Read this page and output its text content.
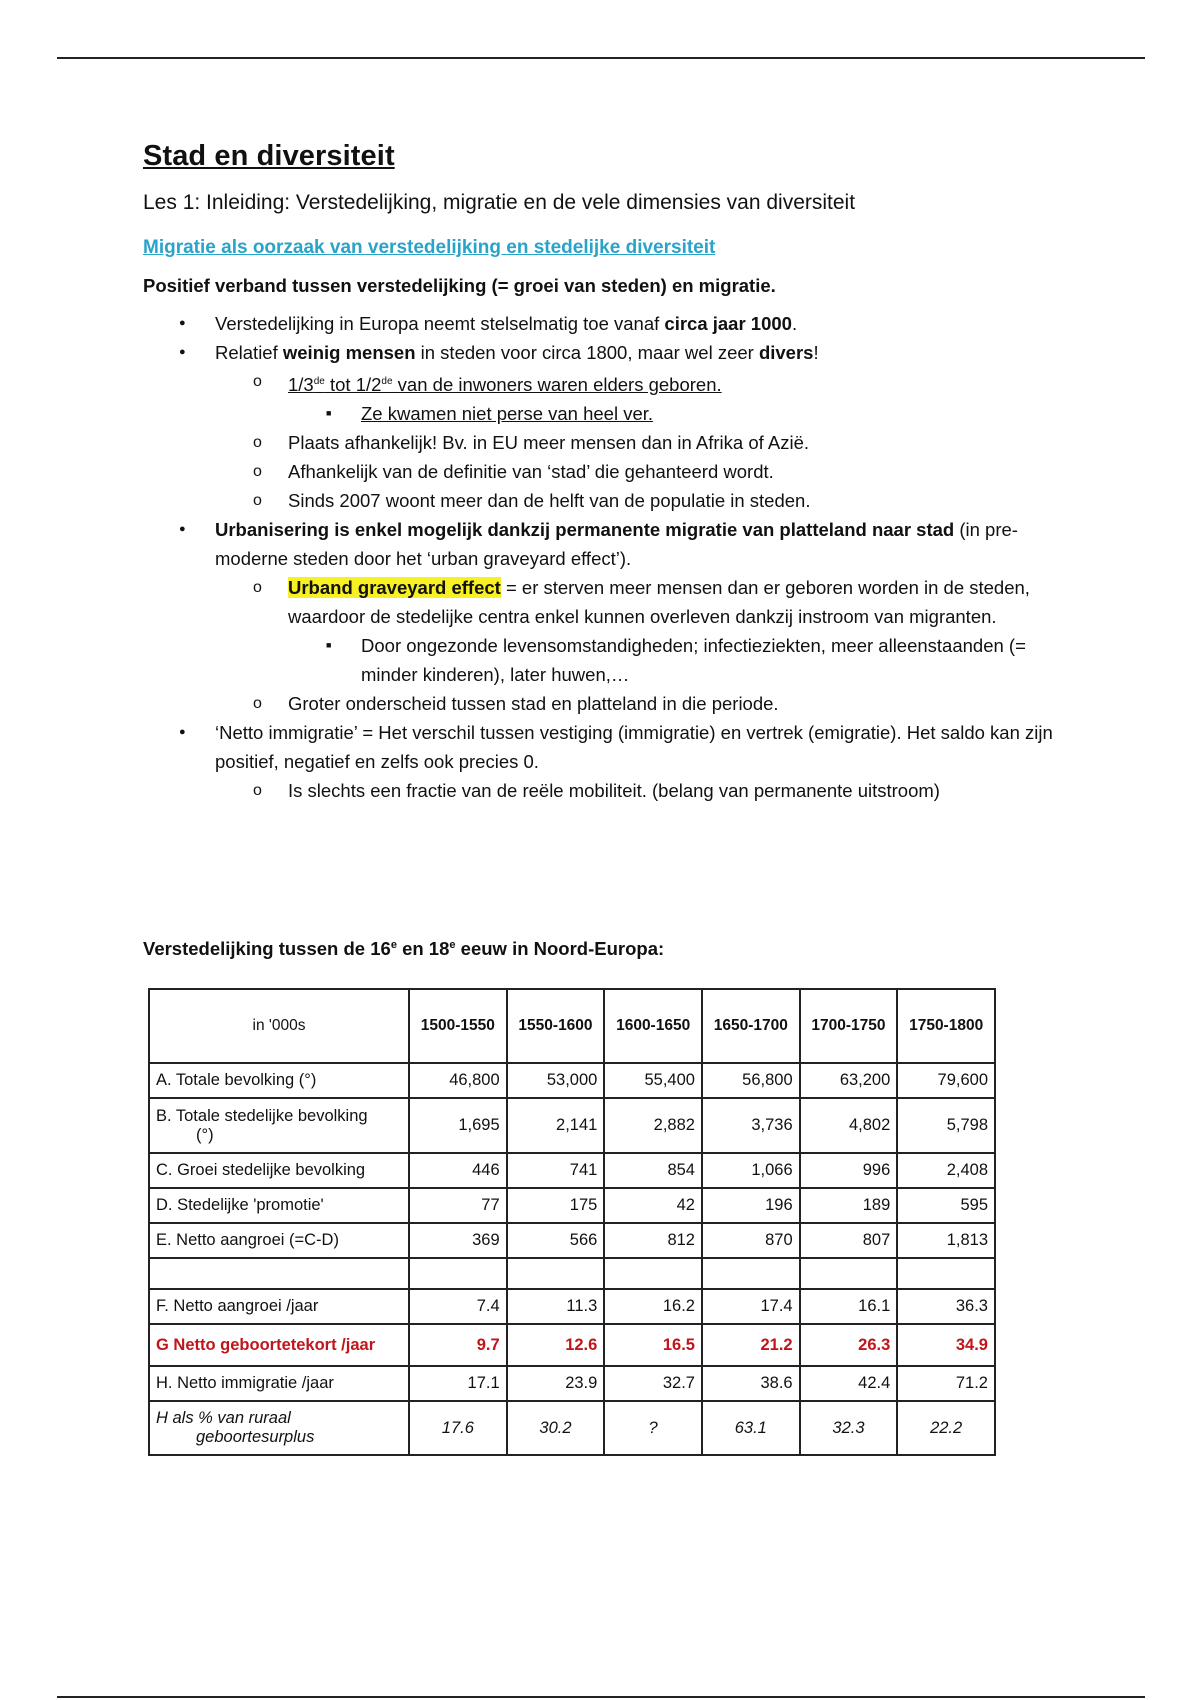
Stad en diversiteit
Les 1: Inleiding: Verstedelijking, migratie en de vele dimensies van diversiteit
Migratie als oorzaak van verstedelijking en stedelijke diversiteit
Positief verband tussen verstedelijking (= groei van steden) en migratie.
● Verstedelijking in Europa neemt stelselmatig toe vanaf circa jaar 1000.
● Relatief weinig mensen in steden voor circa 1800, maar wel zeer divers!
o 1/3de tot 1/2de van de inwoners waren elders geboren.
■ Ze kwamen niet perse van heel ver.
o Plaats afhankelijk! Bv. in EU meer mensen dan in Afrika of Azië.
o Afhankelijk van de definitie van ‘stad’ die gehanteerd wordt.
o Sinds 2007 woont meer dan de helft van de populatie in steden.
● Urbanisering is enkel mogelijk dankzij permanente migratie van platteland naar stad (in pre-moderne steden door het ‘urban graveyard effect’).
o Urband graveyard effect = er sterven meer mensen dan er geboren worden in de steden, waardoor de stedelijke centra enkel kunnen overleven dankzij instroom van migranten.
■ Door ongezonde levensomstandigheden; infectieziekten, meer alleenstaanden (= minder kinderen), later huwen,…
o Groter onderscheid tussen stad en platteland in die periode.
● ‘Netto immigratie’ = Het verschil tussen vestiging (immigratie) en vertrek (emigratie). Het saldo kan zijn positief, negatief en zelfs ook precies 0.
o Is slechts een fractie van de reële mobiliteit. (belang van permanente uitstroom)
Verstedelijking tussen de 16e en 18e eeuw in Noord-Europa:
in '000s	1500-1550	1550-1600	1600-1650	1650-1700	1700-1750	1750-1800
A. Totale bevolking (°)	46,800	53,000	55,400	56,800	63,200	79,600
B. Totale stedelijke bevolking
(°)	1,695	2,141	2,882	3,736	4,802	5,798
C. Groei stedelijke bevolking	446	741	854	1,066	996	2,408
D. Stedelijke 'promotie'	77	175	42	196	189	595
E. Netto aangroei (=C-D)	369	566	812	870	807	1,813

F. Netto aangroei /jaar	7.4	11.3	16.2	17.4	16.1	36.3
G Netto geboortetekort /jaar	9.7	12.6	16.5	21.2	26.3	34.9
H. Netto immigratie /jaar	17.1	23.9	32.7	38.6	42.4	71.2
H als % van ruraal
geboortesurplus	17.6	30.2	?	63.1	32.3	22.2
